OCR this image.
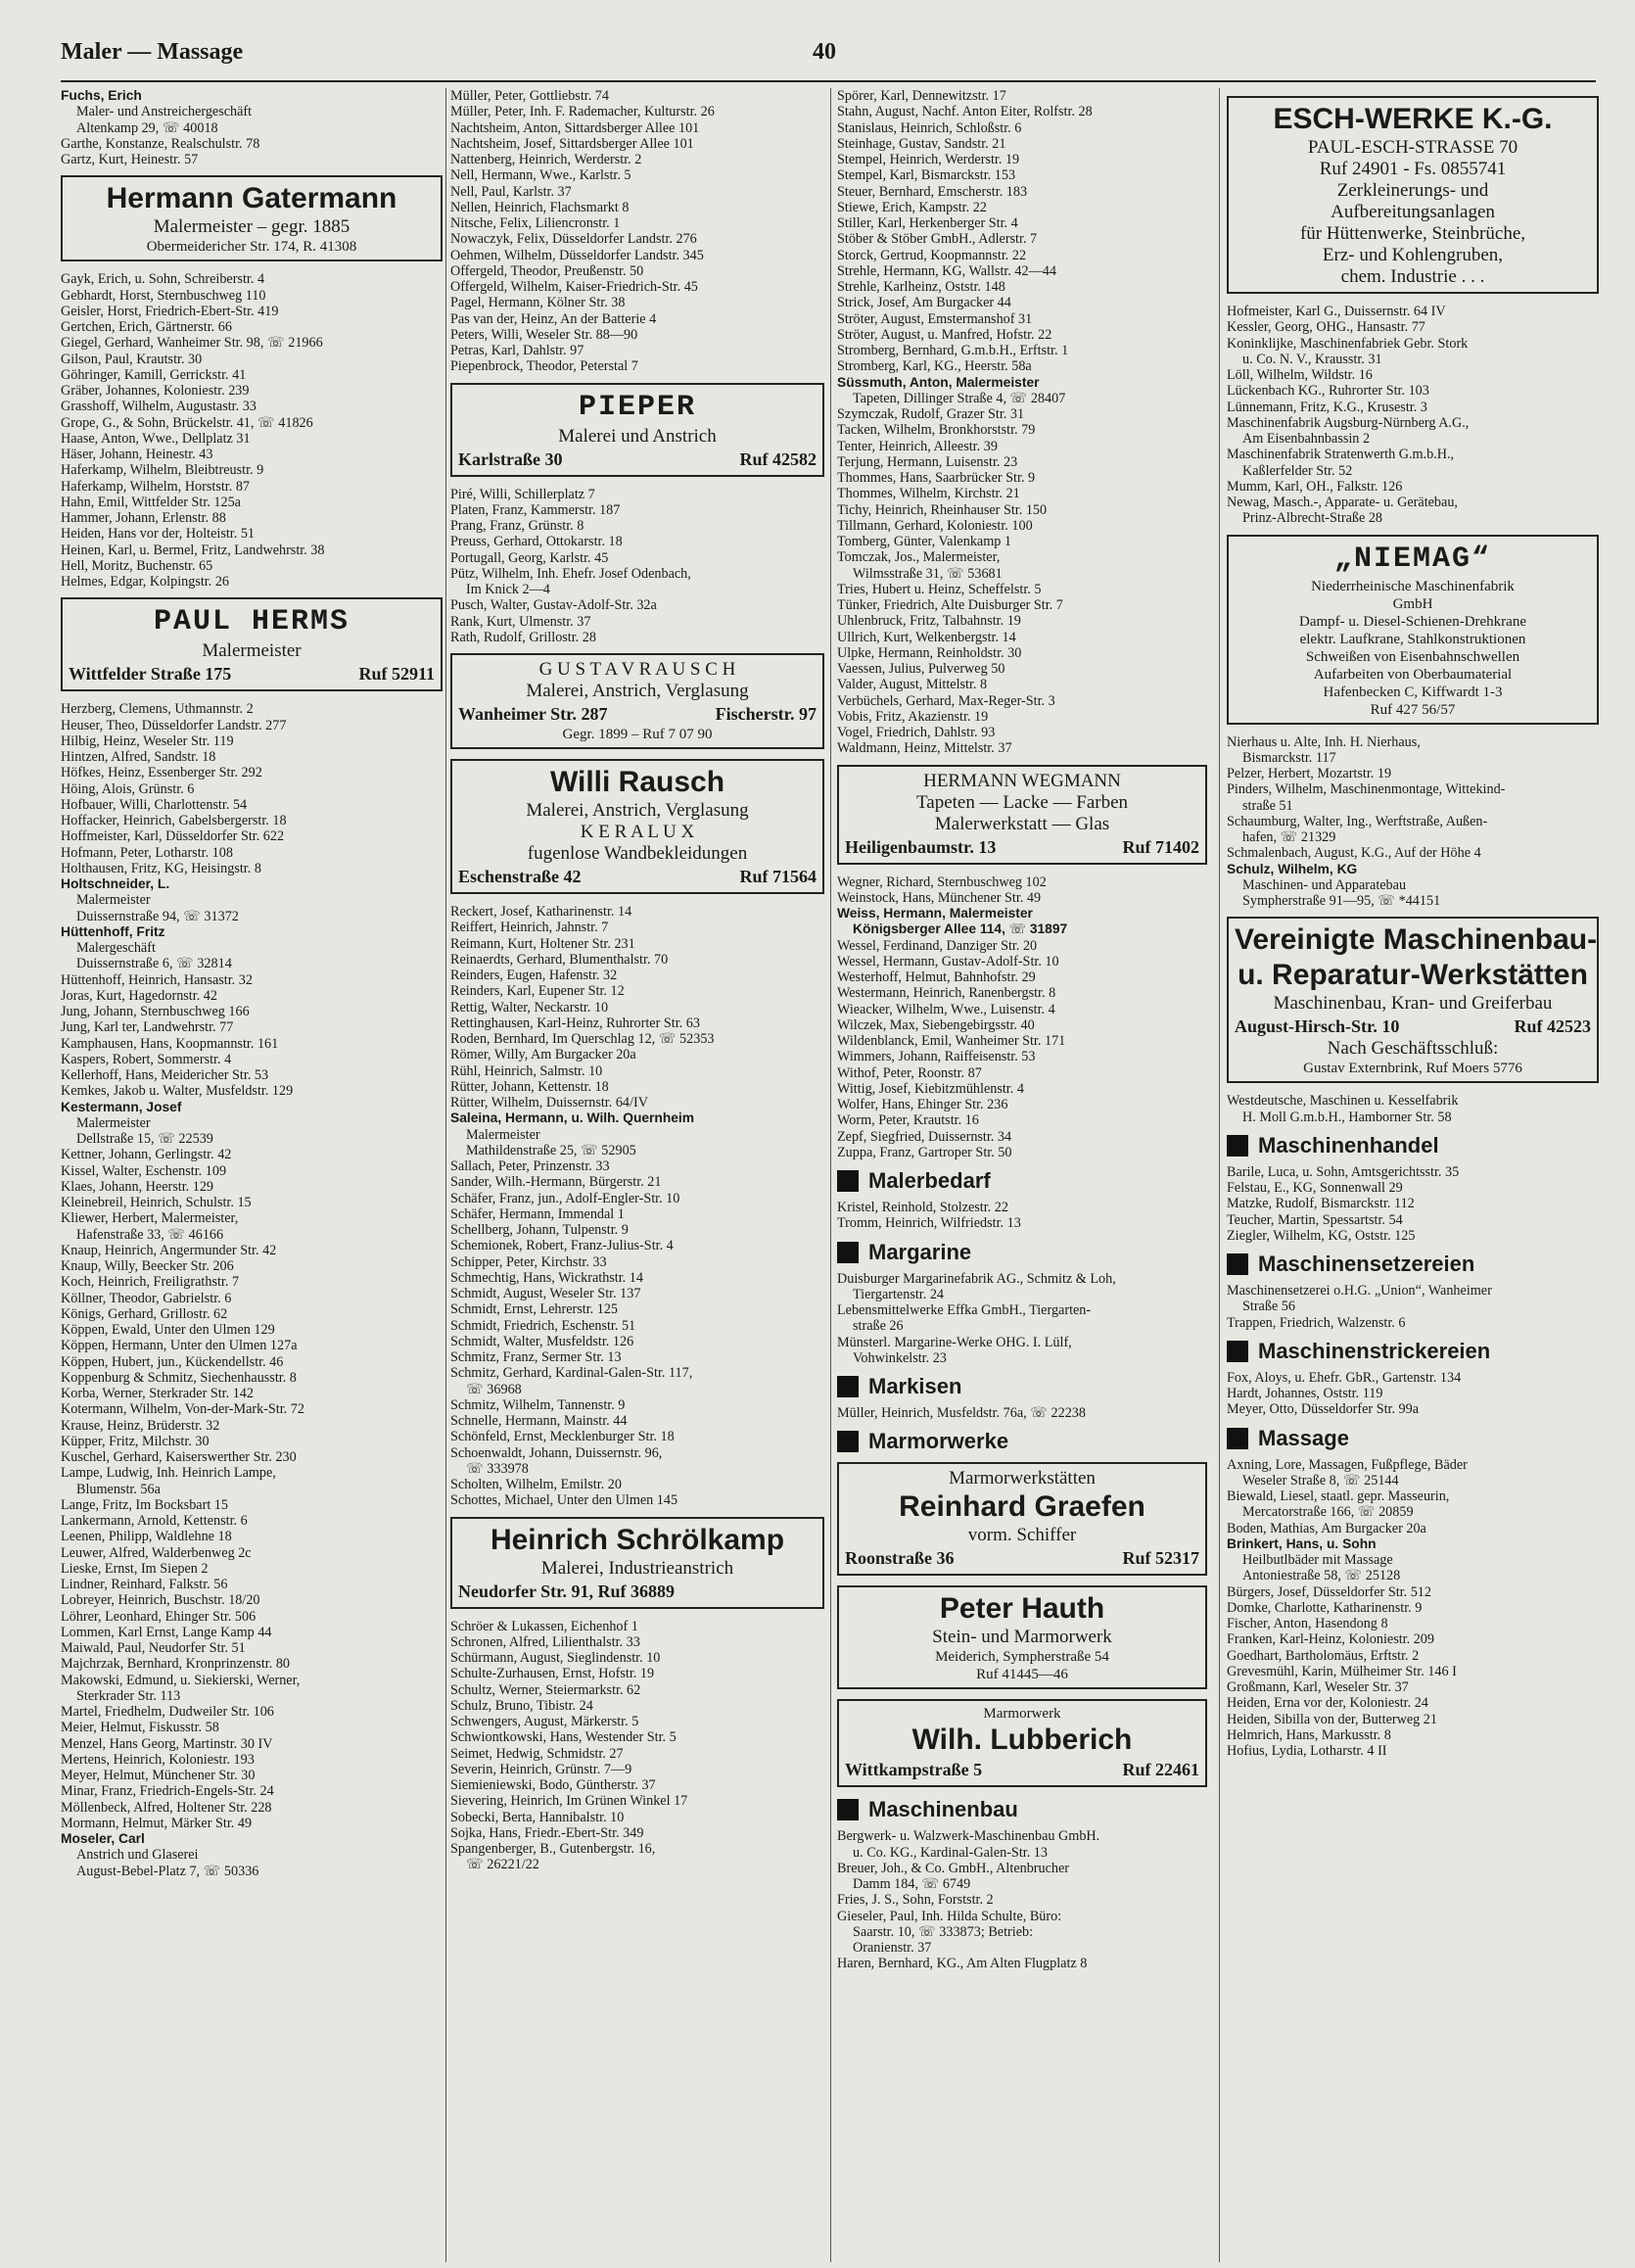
Maler — Massage	40
Fuchs, Erich
Maler- und Anstreichergeschäft
Altenkamp 29, ☏ 40018
Garthe, Konstanze, Realschulstr. 78
Gartz, Kurt, Heinestr. 57
Hermann Gatermann
Malermeister – gegr. 1885
Obermeidericher Str. 174, R. 41308
Gayk, Erich, u. Sohn, Schreiberstr. 4
Gebhardt, Horst, Sternbuschweg 110
Geisler, Horst, Friedrich-Ebert-Str. 419
Gertchen, Erich, Gärtnerstr. 66
Giegel, Gerhard, Wanheimer Str. 98, ☏ 21966
Gilson, Paul, Krautstr. 30
Göhringer, Kamill, Gerrickstr. 41
Gräber, Johannes, Koloniestr. 239
Grasshoff, Wilhelm, Augustastr. 33
Grope, G., & Sohn, Brückelstr. 41, ☏ 41826
Haase, Anton, Wwe., Dellplatz 31
Häser, Johann, Heinestr. 43
Haferkamp, Wilhelm, Bleibtreustr. 9
Haferkamp, Wilhelm, Horststr. 87
Hahn, Emil, Wittfelder Str. 125a
Hammer, Johann, Erlenstr. 88
Heiden, Hans vor der, Holteistr. 51
Heinen, Karl, u. Bermel, Fritz, Landwehrstr. 38
Hell, Moritz, Buchenstr. 65
Helmes, Edgar, Kolpingstr. 26
PAUL HERMS
Malermeister
Wittfelder Straße 175	Ruf 52911
Herzberg, Clemens, Uthmannstr. 2
Heuser, Theo, Düsseldorfer Landstr. 277
Hilbig, Heinz, Weseler Str. 119
Hintzen, Alfred, Sandstr. 18
Höfkes, Heinz, Essenberger Str. 292
Höing, Alois, Grünstr. 6
Hofbauer, Willi, Charlottenstr. 54
Hoffacker, Heinrich, Gabelsbergerstr. 18
Hoffmeister, Karl, Düsseldorfer Str. 622
Hofmann, Peter, Lotharstr. 108
Holthausen, Fritz, KG, Heisingstr. 8
Holtschneider, L.
Malermeister
Duissernstraße 94, ☏ 31372
Hüttenhoff, Fritz
Malergeschäft
Duissernstraße 6, ☏ 32814
Hüttenhoff, Heinrich, Hansastr. 32
Joras, Kurt, Hagedornstr. 42
Jung, Johann, Sternbuschweg 166
Jung, Karl ter, Landwehrstr. 77
Kamphausen, Hans, Koopmannstr. 161
Kaspers, Robert, Sommerstr. 4
Kellerhoff, Hans, Meidericher Str. 53
Kemkes, Jakob u. Walter, Musfeldstr. 129
Kestermann, Josef
Malermeister
Dellstraße 15, ☏ 22539
Kettner, Johann, Gerlingstr. 42
Kissel, Walter, Eschenstr. 109
Klaes, Johann, Heerstr. 129
Kleinebreil, Heinrich, Schulstr. 15
Kliewer, Herbert, Malermeister,
Hafenstraße 33, ☏ 46166
Knaup, Heinrich, Angermunder Str. 42
Knaup, Willy, Beecker Str. 206
Koch, Heinrich, Freiligrathstr. 7
Köllner, Theodor, Gabrielstr. 6
Königs, Gerhard, Grillostr. 62
Köppen, Ewald, Unter den Ulmen 129
Köppen, Hermann, Unter den Ulmen 127a
Köppen, Hubert, jun., Kückendellstr. 46
Koppenburg & Schmitz, Siechenhausstr. 8
Korba, Werner, Sterkrader Str. 142
Kotermann, Wilhelm, Von-der-Mark-Str. 72
Krause, Heinz, Brüderstr. 32
Küpper, Fritz, Milchstr. 30
Kuschel, Gerhard, Kaiserswerther Str. 230
Lampe, Ludwig, Inh. Heinrich Lampe,
Blumenstr. 56a
Lange, Fritz, Im Bocksbart 15
Lankermann, Arnold, Kettenstr. 6
Leenen, Philipp, Waldlehne 18
Leuwer, Alfred, Walderbenweg 2c
Lieske, Ernst, Im Siepen 2
Lindner, Reinhard, Falkstr. 56
Lobreyer, Heinrich, Buschstr. 18/20
Löhrer, Leonhard, Ehinger Str. 506
Lommen, Karl Ernst, Lange Kamp 44
Maiwald, Paul, Neudorfer Str. 51
Majchrzak, Bernhard, Kronprinzenstr. 80
Makowski, Edmund, u. Siekierski, Werner,
Sterkrader Str. 113
Martel, Friedhelm, Dudweiler Str. 106
Meier, Helmut, Fiskusstr. 58
Menzel, Hans Georg, Martinstr. 30 IV
Mertens, Heinrich, Koloniestr. 193
Meyer, Helmut, Münchener Str. 30
Minar, Franz, Friedrich-Engels-Str. 24
Möllenbeck, Alfred, Holtener Str. 228
Mormann, Helmut, Märker Str. 49
Moseler, Carl
Anstrich und Glaserei
August-Bebel-Platz 7, ☏ 50336
Müller, Peter, Gottliebstr. 74
Müller, Peter, Inh. F. Rademacher, Kulturstr. 26
Nachtsheim, Anton, Sittardsberger Allee 101
Nachtsheim, Josef, Sittardsberger Allee 101
Nattenberg, Heinrich, Werderstr. 2
Nell, Hermann, Wwe., Karlstr. 5
Nell, Paul, Karlstr. 37
Nellen, Heinrich, Flachsmarkt 8
Nitsche, Felix, Liliencronstr. 1
Nowaczyk, Felix, Düsseldorfer Landstr. 276
Oehmen, Wilhelm, Düsseldorfer Landstr. 345
Offergeld, Theodor, Preußenstr. 50
Offergeld, Wilhelm, Kaiser-Friedrich-Str. 45
Pagel, Hermann, Kölner Str. 38
Pas van der, Heinz, An der Batterie 4
Peters, Willi, Weseler Str. 88—90
Petras, Karl, Dahlstr. 97
Piepenbrock, Theodor, Peterstal 7
PIEPER
Malerei und Anstrich
Karlstraße 30	Ruf 42582
Piré, Willi, Schillerplatz 7
Platen, Franz, Kammerstr. 187
Prang, Franz, Grünstr. 8
Preuss, Gerhard, Ottokarstr. 18
Portugall, Georg, Karlstr. 45
Pütz, Wilhelm, Inh. Ehefr. Josef Odenbach,
Im Knick 2—4
Pusch, Walter, Gustav-Adolf-Str. 32a
Rank, Kurt, Ulmenstr. 37
Rath, Rudolf, Grillostr. 28
G U S T A V R A U S C H
Malerei, Anstrich, Verglasung
Wanheimer Str. 287	Fischerstr. 97
Gegr. 1899 – Ruf 7 07 90
Willi Rausch
Malerei, Anstrich, Verglasung
K E R A L U X
fugenlose Wandbekleidungen
Eschenstraße 42	Ruf 71564
Reckert, Josef, Katharinenstr. 14
Reiffert, Heinrich, Jahnstr. 7
Reimann, Kurt, Holtener Str. 231
Reinaerdts, Gerhard, Blumenthalstr. 70
Reinders, Eugen, Hafenstr. 32
Reinders, Karl, Eupener Str. 12
Rettig, Walter, Neckarstr. 10
Rettinghausen, Karl-Heinz, Ruhrorter Str. 63
Roden, Bernhard, Im Querschlag 12, ☏ 52353
Römer, Willy, Am Burgacker 20a
Rühl, Heinrich, Salmstr. 10
Rütter, Johann, Kettenstr. 18
Rütter, Wilhelm, Duissernstr. 64/IV
Saleina, Hermann, u. Wilh. Quernheim
Malermeister
Mathildenstraße 25, ☏ 52905
Sallach, Peter, Prinzenstr. 33
Sander, Wilh.-Hermann, Bürgerstr. 21
Schäfer, Franz, jun., Adolf-Engler-Str. 10
Schäfer, Hermann, Immendal 1
Schellberg, Johann, Tulpenstr. 9
Schemionek, Robert, Franz-Julius-Str. 4
Schipper, Peter, Kirchstr. 33
Schmechtig, Hans, Wickrathstr. 14
Schmidt, August, Weseler Str. 137
Schmidt, Ernst, Lehrerstr. 125
Schmidt, Friedrich, Eschenstr. 51
Schmidt, Walter, Musfeldstr. 126
Schmitz, Franz, Sermer Str. 13
Schmitz, Gerhard, Kardinal-Galen-Str. 117,
☏ 36968
Schmitz, Wilhelm, Tannenstr. 9
Schnelle, Hermann, Mainstr. 44
Schönfeld, Ernst, Mecklenburger Str. 18
Schoenwaldt, Johann, Duissernstr. 96,
☏ 333978
Scholten, Wilhelm, Emilstr. 20
Schottes, Michael, Unter den Ulmen 145
Heinrich Schrölkamp
Malerei, Industrieanstrich
Neudorfer Str. 91, Ruf 36889
Schröer & Lukassen, Eichenhof 1
Schronen, Alfred, Lilienthalstr. 33
Schürmann, August, Sieglindenstr. 10
Schulte-Zurhausen, Ernst, Hofstr. 19
Schultz, Werner, Steiermarkstr. 62
Schulz, Bruno, Tibistr. 24
Schwengers, August, Märkerstr. 5
Schwiontkowski, Hans, Westender Str. 5
Seimet, Hedwig, Schmidstr. 27
Severin, Heinrich, Grünstr. 7—9
Siemieniewski, Bodo, Güntherstr. 37
Sievering, Heinrich, Im Grünen Winkel 17
Sobecki, Berta, Hannibalstr. 10
Sojka, Hans, Friedr.-Ebert-Str. 349
Spangenberger, B., Gutenbergstr. 16,
☏ 26221/22
Spörer, Karl, Dennewitzstr. 17
Stahn, August, Nachf. Anton Eiter, Rolfstr. 28
Stanislaus, Heinrich, Schloßstr. 6
Steinhage, Gustav, Sandstr. 21
Stempel, Heinrich, Werderstr. 19
Stempel, Karl, Bismarckstr. 153
Steuer, Bernhard, Emscherstr. 183
Stiewe, Erich, Kampstr. 22
Stiller, Karl, Herkenberger Str. 4
Stöber & Stöber GmbH., Adlerstr. 7
Storck, Gertrud, Koopmannstr. 22
Strehle, Hermann, KG, Wallstr. 42—44
Strehle, Karlheinz, Oststr. 148
Strick, Josef, Am Burgacker 44
Ströter, August, Emstermanshof 31
Ströter, August, u. Manfred, Hofstr. 22
Stromberg, Bernhard, G.m.b.H., Erftstr. 1
Stromberg, Karl, KG., Heerstr. 58a
Süssmuth, Anton, Malermeister
Tapeten, Dillinger Straße 4, ☏ 28407
Szymczak, Rudolf, Grazer Str. 31
Tacken, Wilhelm, Bronkhorststr. 79
Tenter, Heinrich, Alleestr. 39
Terjung, Hermann, Luisenstr. 23
Thommes, Hans, Saarbrücker Str. 9
Thommes, Wilhelm, Kirchstr. 21
Tichy, Heinrich, Rheinhauser Str. 150
Tillmann, Gerhard, Koloniestr. 100
Tomberg, Günter, Valenkamp 1
Tomczak, Jos., Malermeister,
Wilmsstraße 31, ☏ 53681
Tries, Hubert u. Heinz, Scheffelstr. 5
Tünker, Friedrich, Alte Duisburger Str. 7
Uhlenbruck, Fritz, Talbahnstr. 19
Ullrich, Kurt, Welkenbergstr. 14
Ulpke, Hermann, Reinholdstr. 30
Vaessen, Julius, Pulverweg 50
Valder, August, Mittelstr. 8
Verbüchels, Gerhard, Max-Reger-Str. 3
Vobis, Fritz, Akazienstr. 19
Vogel, Friedrich, Dahlstr. 93
Waldmann, Heinz, Mittelstr. 37
HERMANN WEGMANN
Tapeten — Lacke — Farben
Malerwerkstatt — Glas
Heiligenbaumstr. 13	Ruf 71402
Wegner, Richard, Sternbuschweg 102
Weinstock, Hans, Münchener Str. 49
Weiss, Hermann, Malermeister
Königsberger Allee 114, ☏ 31897
Wessel, Ferdinand, Danziger Str. 20
Wessel, Hermann, Gustav-Adolf-Str. 10
Westerhoff, Helmut, Bahnhofstr. 29
Westermann, Heinrich, Ranenbergstr. 8
Wieacker, Wilhelm, Wwe., Luisenstr. 4
Wilczek, Max, Siebengebirgsstr. 40
Wildenblanck, Emil, Wanheimer Str. 171
Wimmers, Johann, Raiffeisenstr. 53
Withof, Peter, Roonstr. 87
Wittig, Josef, Kiebitzmühlenstr. 4
Wolfer, Hans, Ehinger Str. 236
Worm, Peter, Krautstr. 16
Zepf, Siegfried, Duissernstr. 34
Zuppa, Franz, Gartroper Str. 50
Malerbedarf
Kristel, Reinhold, Stolzestr. 22
Tromm, Heinrich, Wilfriedstr. 13
Margarine
Duisburger Margarinefabrik AG., Schmitz & Loh,
Tiergartenstr. 24
Lebensmittelwerke Effka GmbH., Tiergarten-
straße 26
Münsterl. Margarine-Werke OHG. I. Lülf,
Vohwinkelstr. 23
Markisen
Müller, Heinrich, Musfeldstr. 76a, ☏ 22238
Marmorwerke
Marmorwerkstätten
Reinhard Graefen
vorm. Schiffer
Roonstraße 36	Ruf 52317
Peter Hauth
Stein- und Marmorwerk
Meiderich, Sympherstraße 54
Ruf 41445—46
Marmorwerk
Wilh. Lubberich
Wittkampstraße 5	Ruf 22461
Maschinenbau
Bergwerk- u. Walzwerk-Maschinenbau GmbH.
u. Co. KG., Kardinal-Galen-Str. 13
Breuer, Joh., & Co. GmbH., Altenbrucher
Damm 184, ☏ 6749
Fries, J. S., Sohn, Forststr. 2
Gieseler, Paul, Inh. Hilda Schulte, Büro:
Saarstr. 10, ☏ 333873; Betrieb:
Oranienstr. 37
Haren, Bernhard, KG., Am Alten Flugplatz 8
ESCH-WERKE K.-G.
PAUL-ESCH-STRASSE 70
Ruf 24901 - Fs. 0855741
Zerkleinerungs- und
Aufbereitungsanlagen
für Hüttenwerke, Steinbrüche,
Erz- und Kohlengruben,
chem. Industrie . . .
Hofmeister, Karl G., Duissernstr. 64 IV
Kessler, Georg, OHG., Hansastr. 77
Koninklijke, Maschinenfabriek Gebr. Stork
u. Co. N. V., Krausstr. 31
Löll, Wilhelm, Wildstr. 16
Lückenbach KG., Ruhrorter Str. 103
Lünnemann, Fritz, K.G., Krusestr. 3
Maschinenfabrik Augsburg-Nürnberg A.G.,
Am Eisenbahnbassin 2
Maschinenfabrik Stratenwerth G.m.b.H.,
Kaßlerfelder Str. 52
Mumm, Karl, OH., Falkstr. 126
Newag, Masch.-, Apparate- u. Gerätebau,
Prinz-Albrecht-Straße 28
„NIEMAG“
Niederrheinische Maschinenfabrik
GmbH
Dampf- u. Diesel-Schienen-Drehkrane
elektr. Laufkrane, Stahlkonstruktionen
Schweißen von Eisenbahnschwellen
Aufarbeiten von Oberbaumaterial
Hafenbecken C, Kiffwardt 1-3
Ruf 427 56/57
Nierhaus u. Alte, Inh. H. Nierhaus,
Bismarckstr. 117
Pelzer, Herbert, Mozartstr. 19
Pinders, Wilhelm, Maschinenmontage, Wittekind-
straße 51
Schaumburg, Walter, Ing., Werftstraße, Außen-
hafen, ☏ 21329
Schmalenbach, August, K.G., Auf der Höhe 4
Schulz, Wilhelm, KG
Maschinen- und Apparatebau
Sympherstraße 91—95, ☏ *44151
Vereinigte Maschinenbau-
u. Reparatur-Werkstätten
Maschinenbau, Kran- und Greiferbau
August-Hirsch-Str. 10	Ruf 42523
Nach Geschäftsschluß:
Gustav Externbrink, Ruf Moers 5776
Westdeutsche, Maschinen u. Kesselfabrik
H. Moll G.m.b.H., Hamborner Str. 58
Maschinenhandel
Barile, Luca, u. Sohn, Amtsgerichtsstr. 35
Felstau, E., KG, Sonnenwall 29
Matzke, Rudolf, Bismarckstr. 112
Teucher, Martin, Spessartstr. 54
Ziegler, Wilhelm, KG, Oststr. 125
Maschinensetzereien
Maschinensetzerei o.H.G. „Union“, Wanheimer
Straße 56
Trappen, Friedrich, Walzenstr. 6
Maschinenstrickereien
Fox, Aloys, u. Ehefr. GbR., Gartenstr. 134
Hardt, Johannes, Oststr. 119
Meyer, Otto, Düsseldorfer Str. 99a
Massage
Axning, Lore, Massagen, Fußpflege, Bäder
Weseler Straße 8, ☏ 25144
Biewald, Liesel, staatl. gepr. Masseurin,
Mercatorstraße 166, ☏ 20859
Boden, Mathias, Am Burgacker 20a
Brinkert, Hans, u. Sohn
Heilbutlbäder mit Massage
Antoniestraße 58, ☏ 25128
Bürgers, Josef, Düsseldorfer Str. 512
Domke, Charlotte, Katharinenstr. 9
Fischer, Anton, Hasendong 8
Franken, Karl-Heinz, Koloniestr. 209
Goedhart, Bartholomäus, Erftstr. 2
Grevesmühl, Karin, Mülheimer Str. 146 I
Großmann, Karl, Weseler Str. 37
Heiden, Erna vor der, Koloniestr. 24
Heiden, Sibilla von der, Butterweg 21
Helmrich, Hans, Markusstr. 8
Hofius, Lydia, Lotharstr. 4 II
